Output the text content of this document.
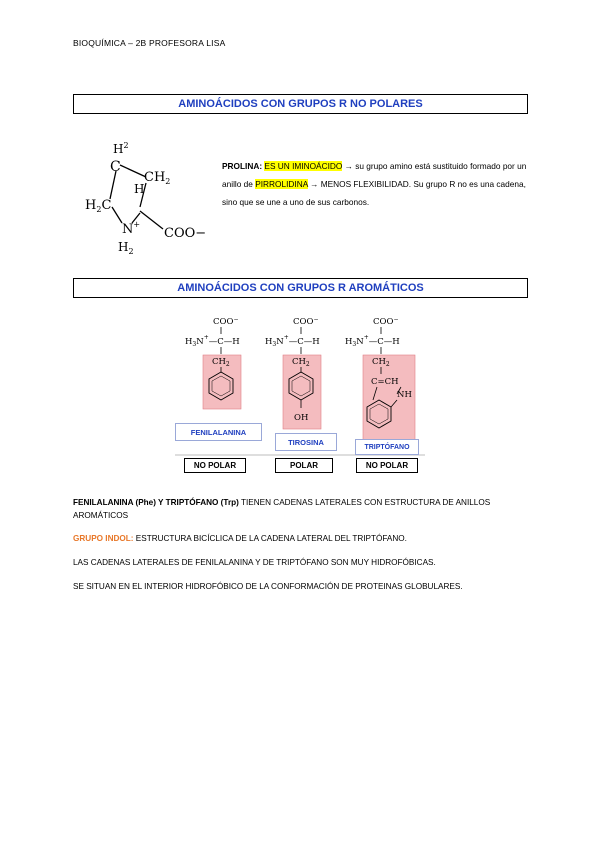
BIOQUÍMICA – 2B PROFESORA LISA
AMINOÁCIDOS CON GRUPOS R NO POLARES
$H^2$
C
$CH_2$
H
$H_2C$
N+
$H_2$
COO−
PROLINA: ES UN IMINOÁCIDO → su grupo amino está sustituido formado por un anillo de PIRROLIDINA → MENOS FLEXIBILIDAD. Su grupo R no es una cadena, sino que se une a uno de sus carbonos.
AMINOÁCIDOS CON GRUPOS R AROMÁTICOS
COO−
$H_3N^+—C—H$
$CH_2$
COO−
$H_3N^+—C—H$
$CH_2$
OH
COO−
$H_3N^+—C—H$
$CH_2$
C=CH
NH
FENILALANINA
TIROSINA
TRIPTÓFANO
NO POLAR	POLAR	NO POLAR
FENILALANINA (Phe) Y TRIPTÓFANO (Trp) TIENEN CADENAS LATERALES CON ESTRUCTURA DE ANILLOS AROMÁTICOS
GRUPO INDOL: ESTRUCTURA BICÍCLICA DE LA CADENA LATERAL DEL TRIPTÓFANO.
LAS CADENAS LATERALES DE FENILALANINA Y DE TRIPTÓFANO SON MUY HIDROFÓBICAS.
SE SITUAN EN EL INTERIOR HIDROFÓBICO DE LA CONFORMACIÓN DE PROTEINAS GLOBULARES.
